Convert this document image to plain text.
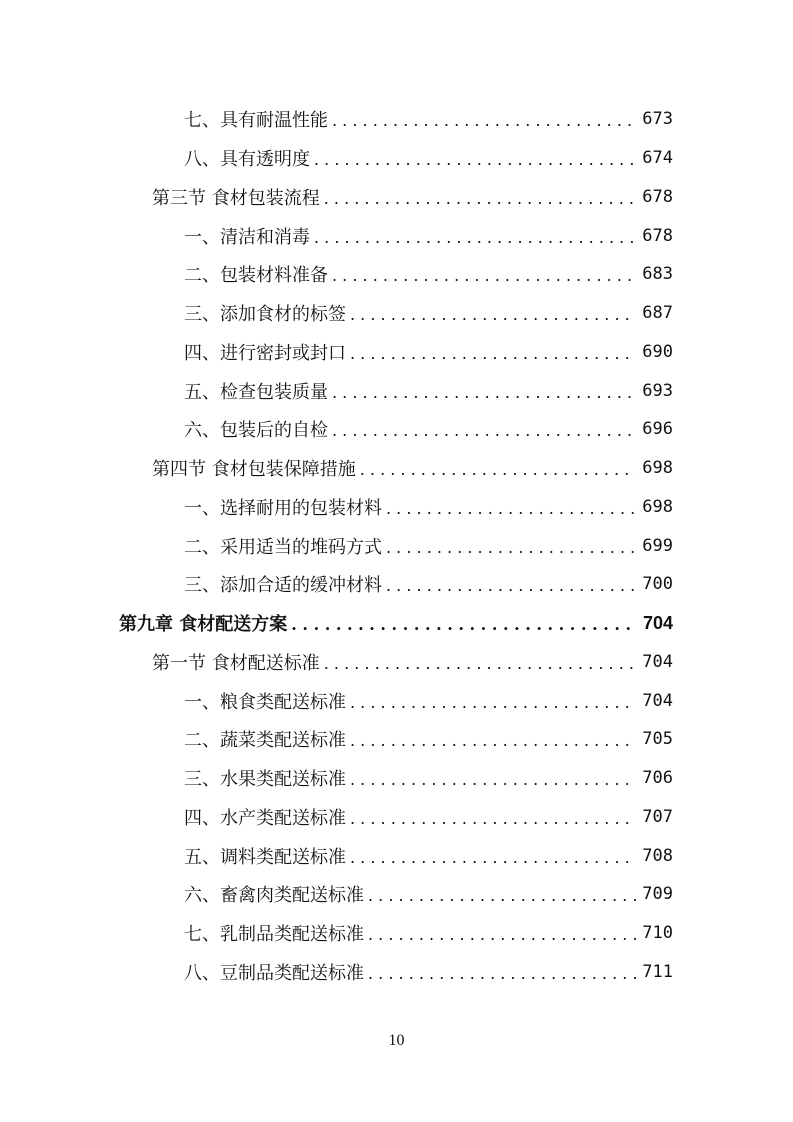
七、具有耐温性能 . . .	673
八、具有透明度 . . .	674
第三节 食材包装流程 . . .	678
一、清洁和消毒 . . .	678
二、包装材料准备 . . .	683
三、添加食材的标签 . . .	687
四、进行密封或封口 . . .	690
五、检查包装质量 . . .	693
六、包装后的自检 . . .	696
第四节 食材包装保障措施 . . .	698
一、选择耐用的包装材料 . . .	698
二、采用适当的堆码方式 . . .	699
三、添加合适的缓冲材料 . . .	700
第九章 食材配送方案 . . .	704
第一节 食材配送标准 . . .	704
一、粮食类配送标准 . . .	704
二、蔬菜类配送标准 . . .	705
三、水果类配送标准 . . .	706
四、水产类配送标准 . . .	707
五、调料类配送标准 . . .	708
六、畜禽肉类配送标准 . . .	709
七、乳制品类配送标准 . . .	710
八、豆制品类配送标准 . . .	711
10
